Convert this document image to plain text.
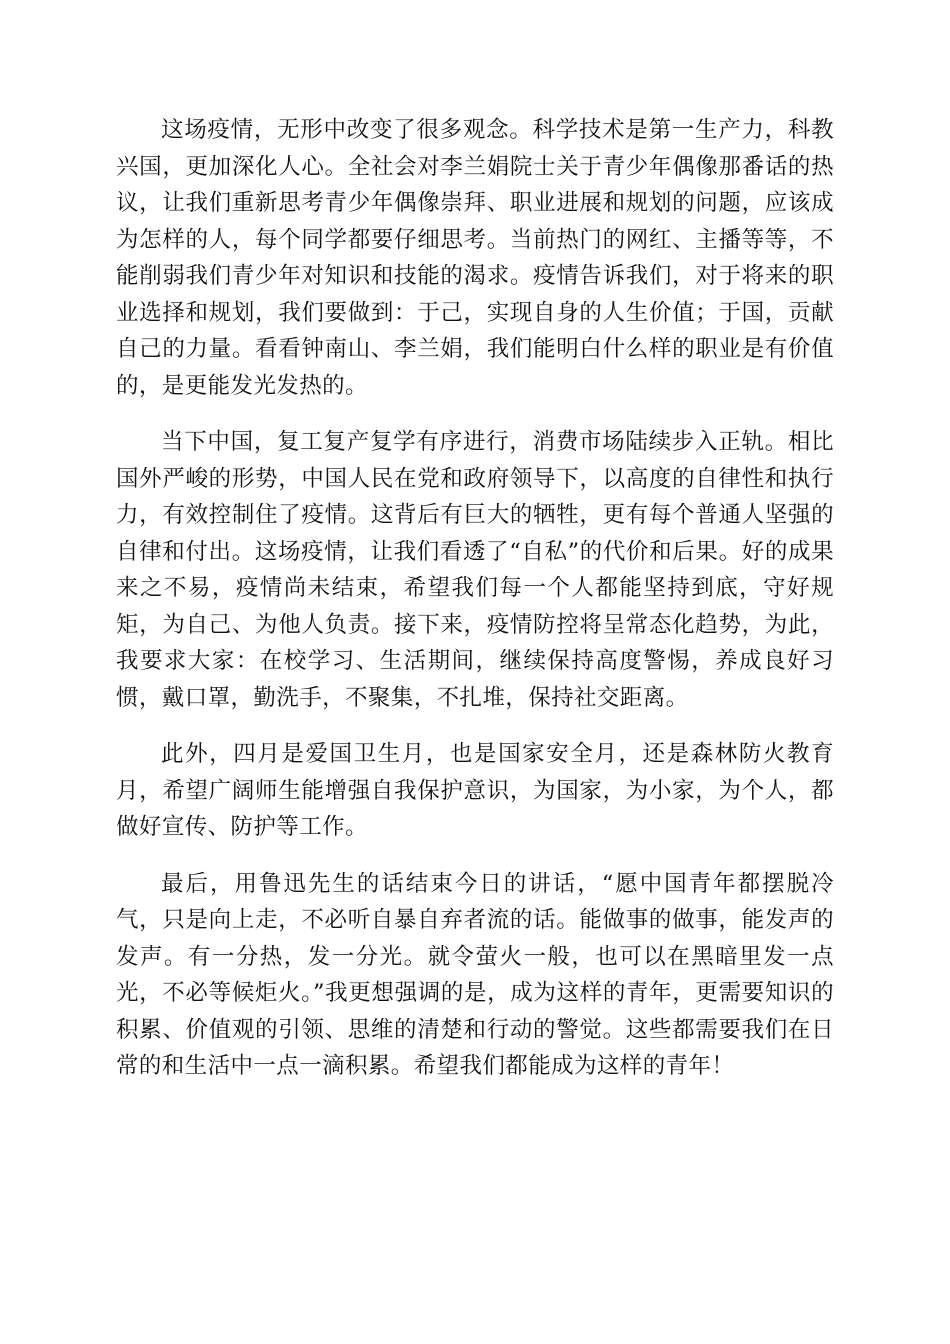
这场疫情，无形中改变了很多观念。科学技术是第一生产力，科教兴国，更加深化人心。全社会对李兰娟院士关于青少年偶像那番话的热议，让我们重新思考青少年偶像崇拜、职业进展和规划的问题，应该成为怎样的人，每个同学都要仔细思考。当前热门的网红、主播等等，不能削弱我们青少年对知识和技能的渴求。疫情告诉我们，对于将来的职业选择和规划，我们要做到：于己，实现自身的人生价值；于国，贡献自己的力量。看看钟南山、李兰娟，我们能明白什么样的职业是有价值的，是更能发光发热的。

当下中国，复工复产复学有序进行，消费市场陆续步入正轨。相比国外严峻的形势，中国人民在党和政府领导下，以高度的自律性和执行力，有效控制住了疫情。这背后有巨大的牺牲，更有每个普通人坚强的自律和付出。这场疫情，让我们看透了“自私”的代价和后果。好的成果来之不易，疫情尚未结束，希望我们每一个人都能坚持到底，守好规矩，为自己、为他人负责。接下来，疫情防控将呈常态化趋势，为此，我要求大家：在校学习、生活期间，继续保持高度警惕，养成良好习惯，戴口罩，勤洗手，不聚集，不扎堆，保持社交距离。

此外，四月是爱国卫生月，也是国家安全月，还是森林防火教育月，希望广阔师生能增强自我保护意识，为国家，为小家，为个人，都做好宣传、防护等工作。

最后，用鲁迅先生的话结束今日的讲话，“愿中国青年都摆脱冷气，只是向上走，不必听自暴自弃者流的话。能做事的做事，能发声的发声。有一分热，发一分光。就令萤火一般，也可以在黑暗里发一点光，不必等候炬火。”我更想强调的是，成为这样的青年，更需要知识的积累、价值观的引领、思维的清楚和行动的警觉。这些都需要我们在日常的和生活中一点一滴积累。希望我们都能成为这样的青年！
